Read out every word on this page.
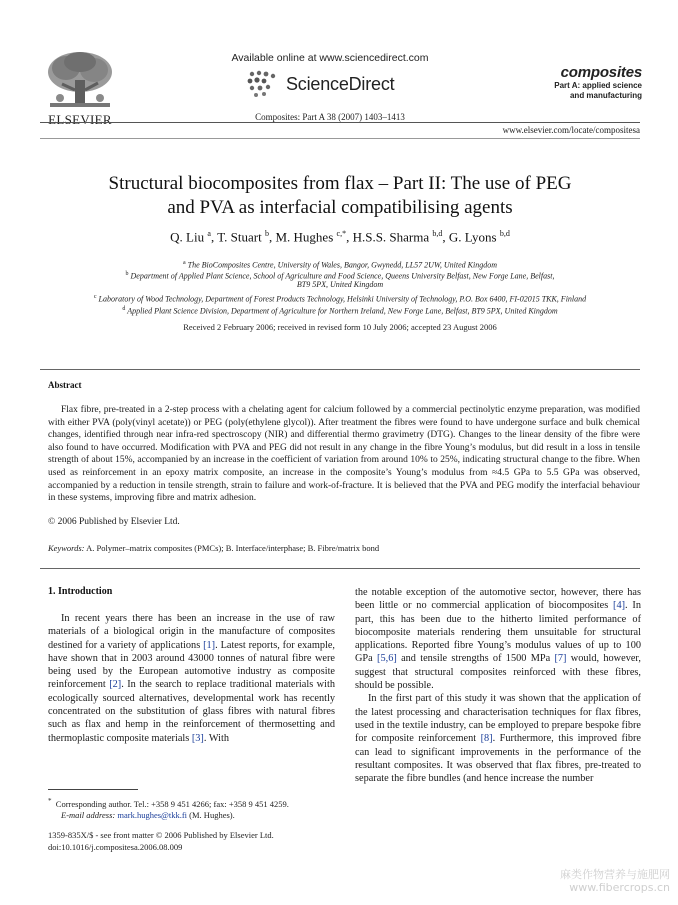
ELSEVIER
Available online at www.sciencedirect.com
ScienceDirect
Composites: Part A 38 (2007) 1403–1413
composites
Part A: applied science
and manufacturing
www.elsevier.com/locate/compositesa
Structural biocomposites from flax – Part II: The use of PEG
and PVA as interfacial compatibilising agents
Q. Liu $^a$, T. Stuart $^b$, M. Hughes $^{c,*}$, H.S.S. Sharma $^{b,d}$, G. Lyons $^{b,d}$
$^a$ The BioComposites Centre, University of Wales, Bangor, Gwynedd, LL57 2UW, United Kingdom
$^b$ Department of Applied Plant Science, School of Agriculture and Food Science, Queens University Belfast, New Forge Lane, Belfast,
BT9 5PX, United Kingdom
$^c$ Laboratory of Wood Technology, Department of Forest Products Technology, Helsinki University of Technology, P.O. Box 6400, FI-02015 TKK, Finland
$^d$ Applied Plant Science Division, Department of Agriculture for Northern Ireland, New Forge Lane, Belfast, BT9 5PX, United Kingdom
Received 2 February 2006; received in revised form 10 July 2006; accepted 23 August 2006
Abstract

Flax fibre, pre-treated in a 2-step process with a chelating agent for calcium followed by a commercial pectinolytic enzyme preparation, was modified with either PVA (poly(vinyl acetate)) or PEG (poly(ethylene glycol)). After treatment the fibres were found to have undergone surface and bulk chemical changes, identified through near infra-red spectroscopy (NIR) and differential thermo gravimetry (DTG). Changes to the linear density of the fibre were also found to have occurred. Modification with PVA and PEG did not result in any change in the fibre Young’s modulus, but did result in a loss in tensile strength of about 15%, accompanied by an increase in the coefficient of variation from around 10% to 25%, indicating structural change to the fibre. When used as reinforcement in an epoxy matrix composite, an increase in the composite’s Young’s modulus from ≈4.5 GPa to 5.5 GPa was observed, accompanied by a reduction in tensile strength, strain to failure and work-of-fracture. It is believed that the PVA and PEG modify the interfacial behaviour in these systems, improving fibre and matrix adhesion.

© 2006 Published by Elsevier Ltd.
Keywords: A. Polymer–matrix composites (PMCs); B. Interface/interphase; B. Fibre/matrix bond
1. Introduction

In recent years there has been an increase in the use of raw materials of a biological origin in the manufacture of composites destined for a variety of applications [1]. Latest reports, for example, have shown that in 2003 around 43000 tonnes of natural fibre were being used by the European automotive industry as composite reinforcement [2]. In the search to replace traditional materials with ecologically sourced alternatives, developmental work has recently concentrated on the substitution of glass fibres with natural fibres such as flax and hemp in the reinforcement of thermosetting and thermoplastic composite materials [3]. With

the notable exception of the automotive sector, however, there has been little or no commercial application of biocomposites [4]. In part, this has been due to the hitherto limited performance of biocomposite materials rendering them unsuitable for structural applications. Reported fibre Young’s modulus values of up to 100 GPa [5,6] and tensile strengths of 1500 MPa [7] would, however, suggest that structural composites reinforced with these fibres, should be possible.

In the first part of this study it was shown that the application of the latest processing and characterisation techniques for flax fibres, used in the textile industry, can be employed to prepare bespoke fibre for composite reinforcement [8]. Furthermore, this improved fibre can lead to significant improvements in the performance of the resultant composites. It was observed that flax fibres, pre-treated to separate the fibre bundles (and hence increase the number

* Corresponding author. Tel.: +358 9 451 4266; fax: +358 9 451 4259.
E-mail address: mark.hughes@tkk.fi (M. Hughes).
1359-835X/$ - see front matter © 2006 Published by Elsevier Ltd.
doi:10.1016/j.compositesa.2006.08.009
麻类作物营养与施肥网
www.fibercrops.cn
